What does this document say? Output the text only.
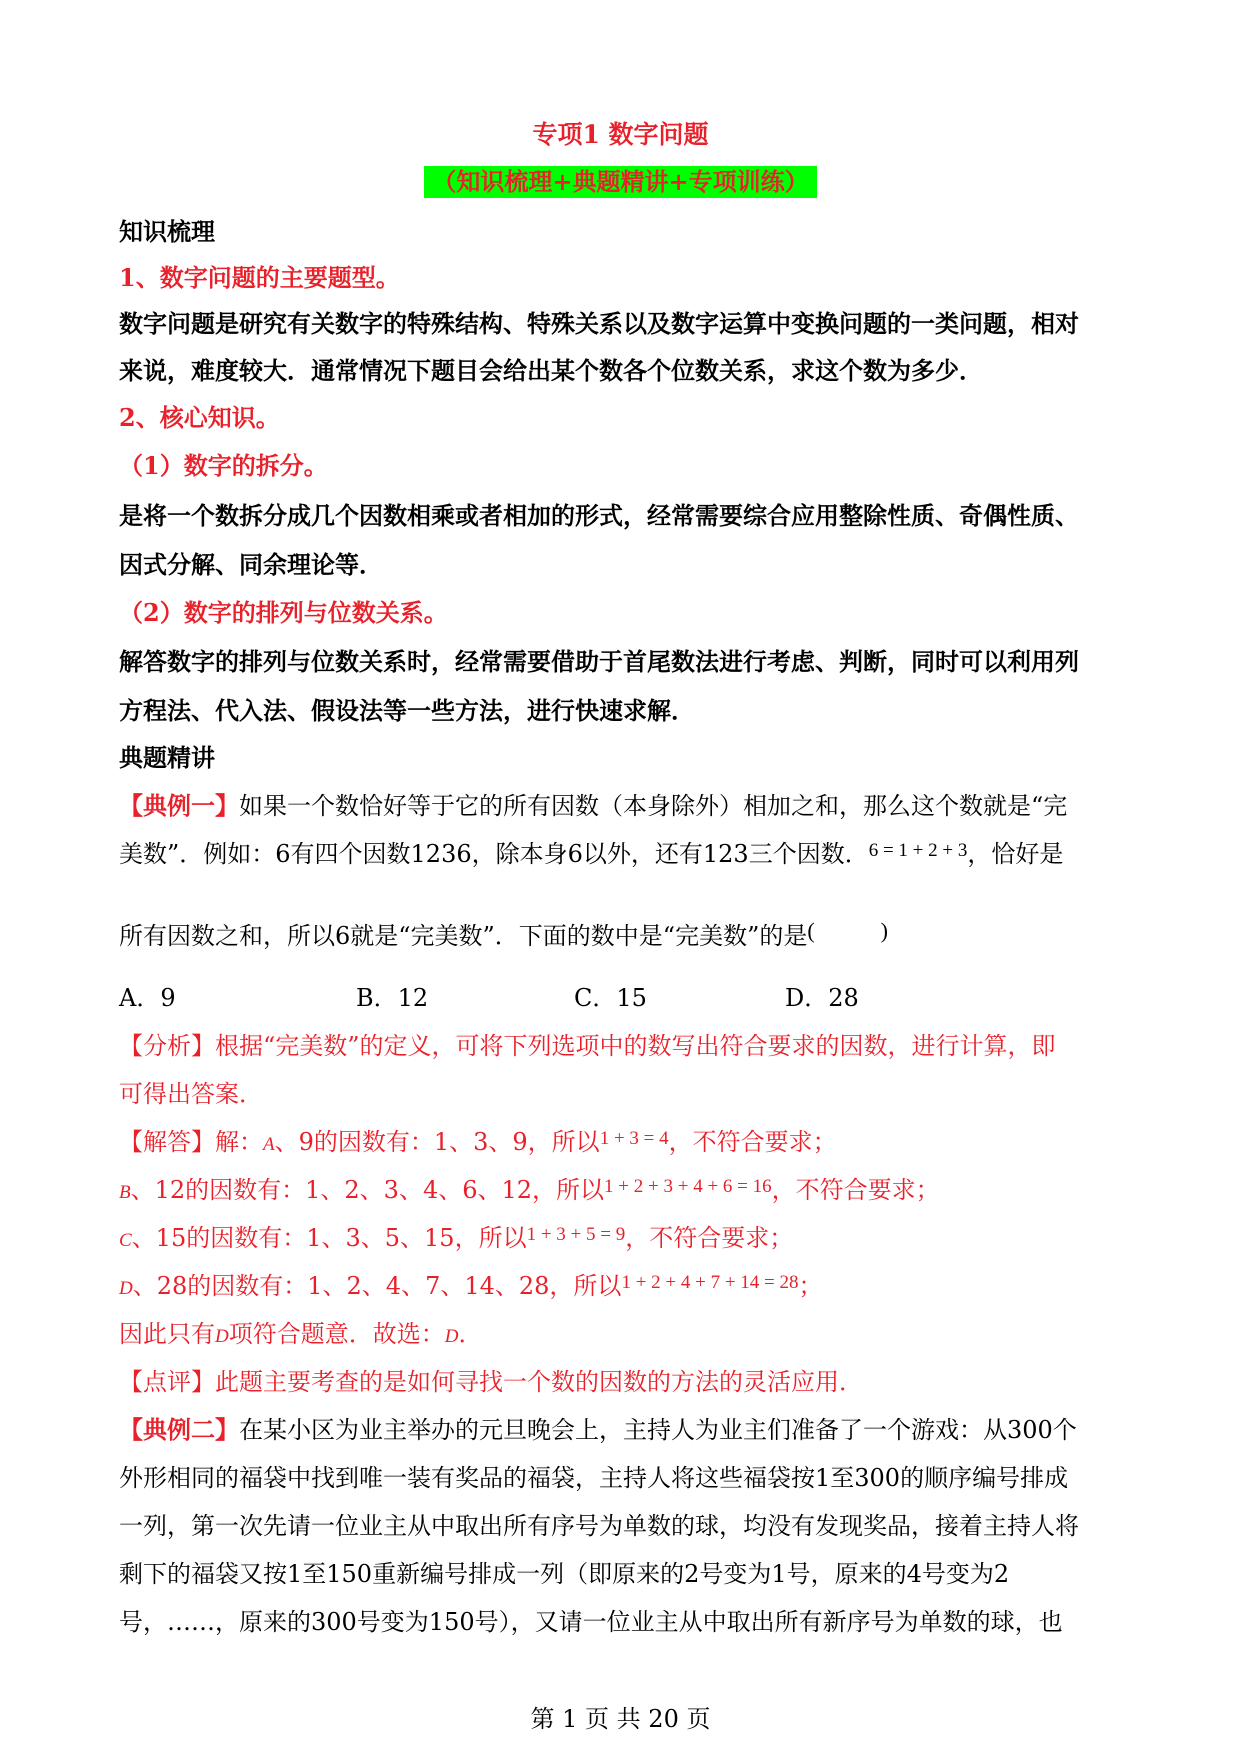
专项1 数字问题
（知识梳理+典题精讲+专项训练）
知识梳理
1、数字问题的主要题型。
数字问题是研究有关数字的特殊结构、特殊关系以及数字运算中变换问题的一类问题，相对
来说，难度较大．通常情况下题目会给出某个数各个位数关系，求这个数为多少．
2、核心知识。
（1）数字的拆分。
是将一个数拆分成几个因数相乘或者相加的形式，经常需要综合应用整除性质、奇偶性质、
因式分解、同余理论等．
（2）数字的排列与位数关系。
解答数字的排列与位数关系时，经常需要借助于首尾数法进行考虑、判断，同时可以利用列
方程法、代入法、假设法等一些方法，进行快速求解．
典题精讲
【典例一】如果一个数恰好等于它的所有因数（本身除外）相加之和，那么这个数就是“完
美数”．例如：6有四个因数1236，除本身6以外，还有123三个因数．$^{6 = 1 + 2 + 3}$，恰好是
所有因数之和，所以6就是“完美数”．下面的数中是“完美数”的是(　　　)
A．9	B．12	C．15	D．28
【分析】根据“完美数”的定义，可将下列选项中的数写出符合要求的因数，进行计算，即
可得出答案．
【解答】解：A、9的因数有：1、3、9，所以$^{1 + 3 = 4}$，不符合要求；
B、12的因数有：1、2、3、4、6、12，所以$^{1 + 2 + 3 + 4 + 6 = 16}$，不符合要求；
C、15的因数有：1、3、5、15，所以$^{1 + 3 + 5 = 9}$，不符合要求；
D、28的因数有：1、2、4、7、14、28，所以$^{1 + 2 + 4 + 7 + 14 = 28}$；
因此只有D项符合题意．故选：D．
【点评】此题主要考查的是如何寻找一个数的因数的方法的灵活应用．
【典例二】在某小区为业主举办的元旦晚会上，主持人为业主们准备了一个游戏：从300个
外形相同的福袋中找到唯一装有奖品的福袋，主持人将这些福袋按1至300的顺序编号排成
一列，第一次先请一位业主从中取出所有序号为单数的球，均没有发现奖品，接着主持人将
剩下的福袋又按1至150重新编号排成一列（即原来的2号变为1号，原来的4号变为2
号，……，原来的300号变为150号），又请一位业主从中取出所有新序号为单数的球，也
第 1 页 共 20 页
